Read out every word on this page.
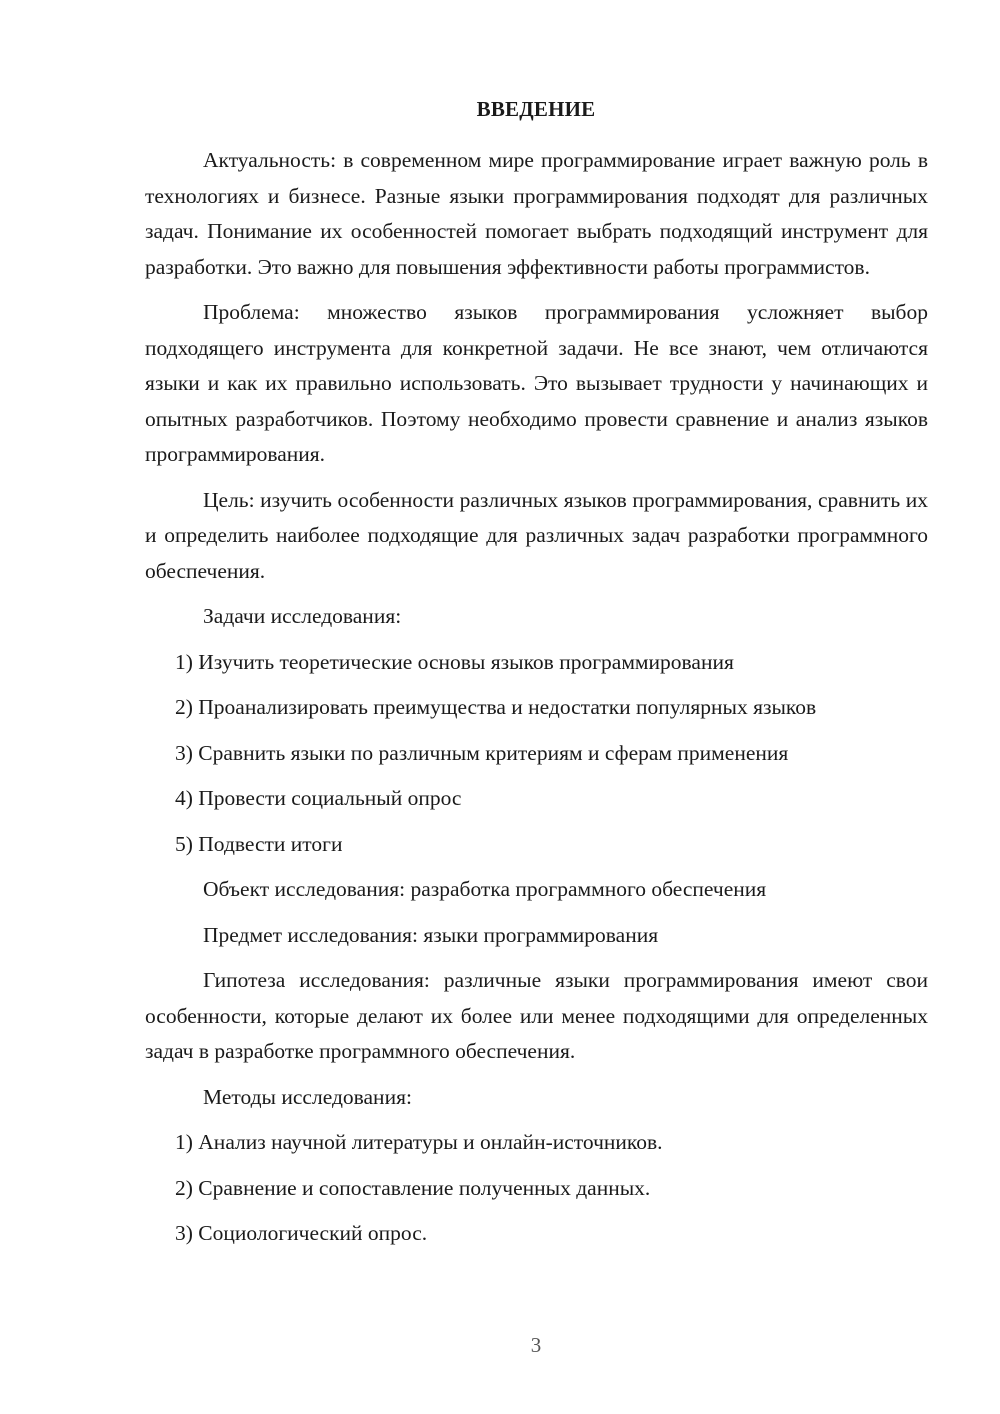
ВВЕДЕНИЕ

Актуальность: в современном мире программирование играет важную роль в технологиях и бизнесе. Разные языки программирования подходят для различных задач. Понимание их особенностей помогает выбрать подходящий инструмент для разработки. Это важно для повышения эффективности работы программистов.

Проблема: множество языков программирования усложняет выбор подходящего инструмента для конкретной задачи. Не все знают, чем отличаются языки и как их правильно использовать. Это вызывает трудности у начинающих и опытных разработчиков. Поэтому необходимо провести сравнение и анализ языков программирования.

Цель: изучить особенности различных языков программирования, сравнить их и определить наиболее подходящие для различных задач разработки программного обеспечения.

Задачи исследования:

1) Изучить теоретические основы языков программирования

2) Проанализировать преимущества и недостатки популярных языков

3) Сравнить языки по различным критериям и сферам применения

4) Провести социальный опрос

5) Подвести итоги

Объект исследования: разработка программного обеспечения

Предмет исследования: языки программирования

Гипотеза исследования: различные языки программирования имеют свои особенности, которые делают их более или менее подходящими для определенных задач в разработке программного обеспечения.

Методы исследования:

1) Анализ научной литературы и онлайн-источников.

2) Сравнение и сопоставление полученных данных.

3) Социологический опрос.

3
